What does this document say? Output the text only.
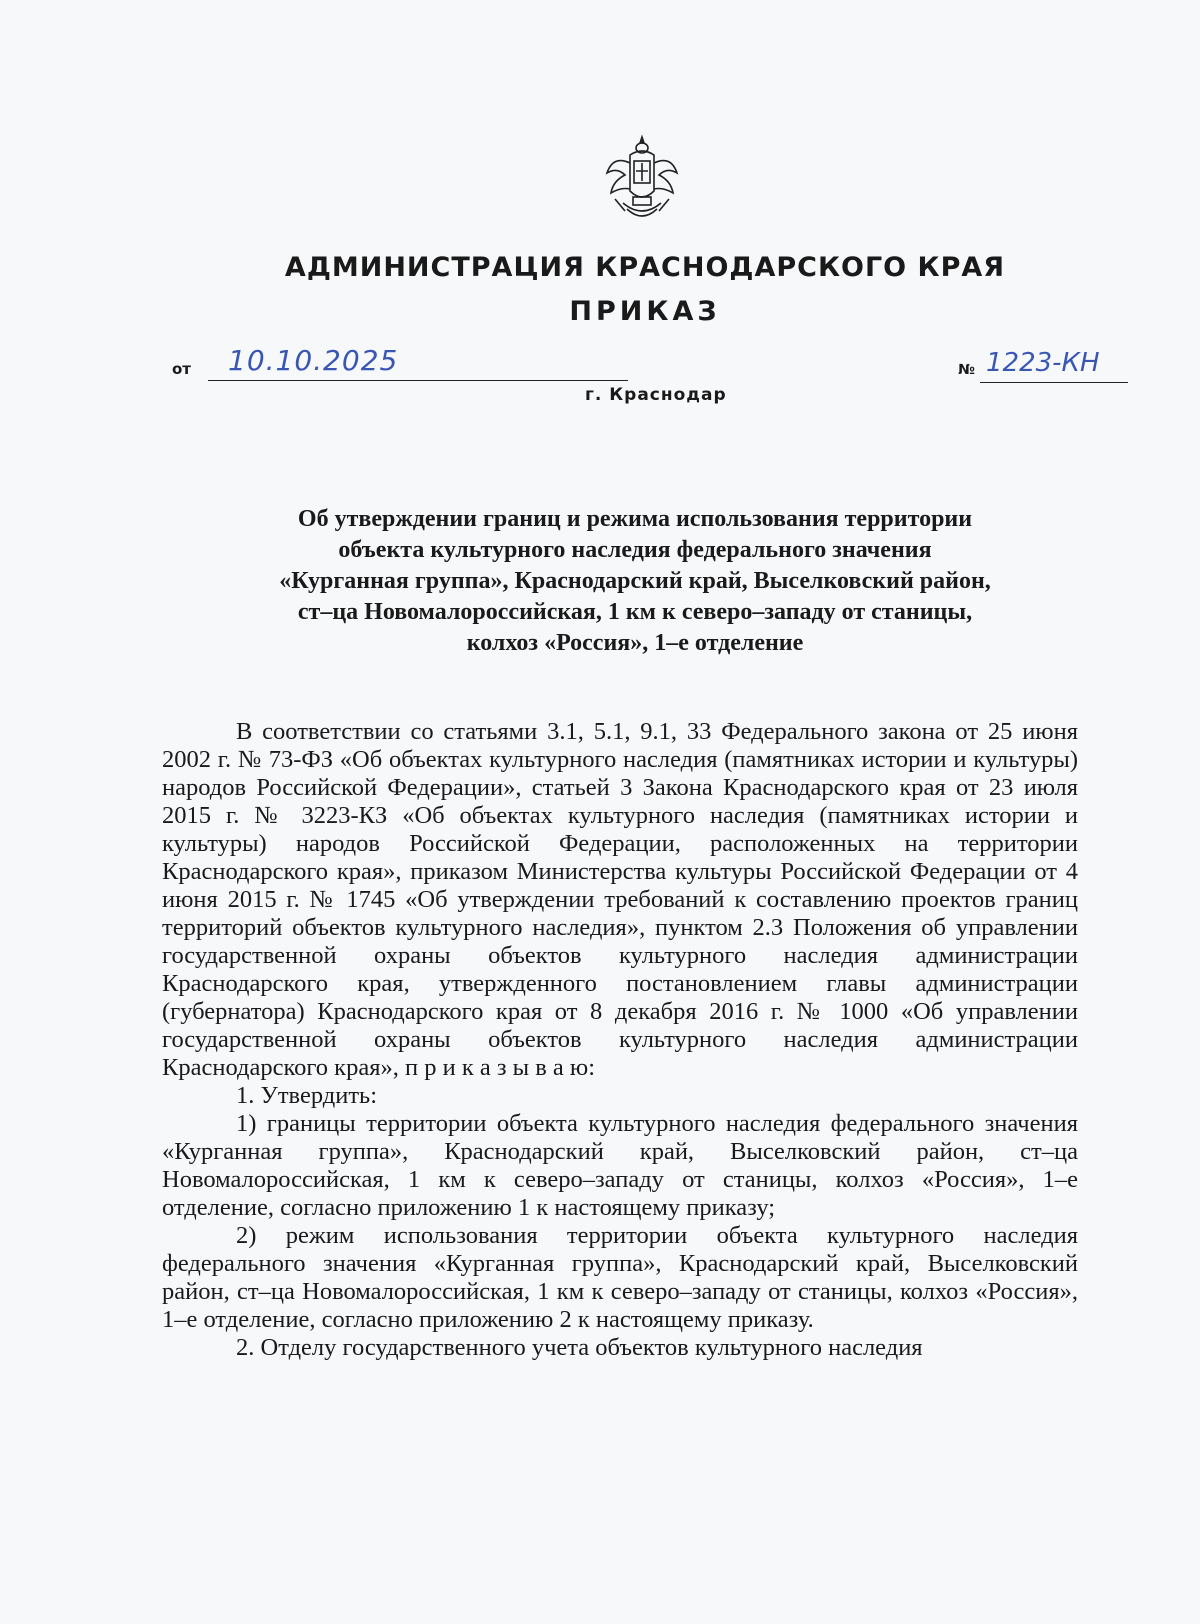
АДМИНИСТРАЦИЯ КРАСНОДАРСКОГО КРАЯ
ПРИКАЗ
от 10.10.2025	№ 1223-КН
г. Краснодар
Об утверждении границ и режима использования территории
объекта культурного наследия федерального значения
«Курганная группа», Краснодарский край, Выселковский район,
ст–ца Новомалороссийская, 1 км к северо–западу от станицы,
колхоз «Россия», 1–е отделение

В соответствии со статьями 3.1, 5.1, 9.1, 33 Федерального закона от 25 июня 2002 г. № 73-ФЗ «Об объектах культурного наследия (памятниках истории и культуры) народов Российской Федерации», статьей 3 Закона Краснодарского края от 23 июля 2015 г. № 3223-КЗ «Об объектах культурного наследия (памятниках истории и культуры) народов Российской Федерации, расположенных на территории Краснодарского края», приказом Министерства культуры Российской Федерации от 4 июня 2015 г. № 1745 «Об утверждении требований к составлению проектов границ территорий объектов культурного наследия», пунктом 2.3 Положения об управлении государственной охраны объектов культурного наследия администрации Краснодарского края, утвержденного постановлением главы администрации (губернатора) Краснодарского края от 8 декабря 2016 г. № 1000 «Об управлении государственной охраны объектов культурного наследия администрации Краснодарского края», п р и к а з ы в а ю:

1. Утвердить:

1) границы территории объекта культурного наследия федерального значения «Курганная группа», Краснодарский край, Выселковский район, ст–ца Новомалороссийская, 1 км к северо–западу от станицы, колхоз «Россия», 1–е отделение, согласно приложению 1 к настоящему приказу;

2) режим использования территории объекта культурного наследия федерального значения «Курганная группа», Краснодарский край, Выселковский район, ст–ца Новомалороссийская, 1 км к северо–западу от станицы, колхоз «Россия», 1–е отделение, согласно приложению 2 к настоящему приказу.

2. Отделу государственного учета объектов культурного наследия
